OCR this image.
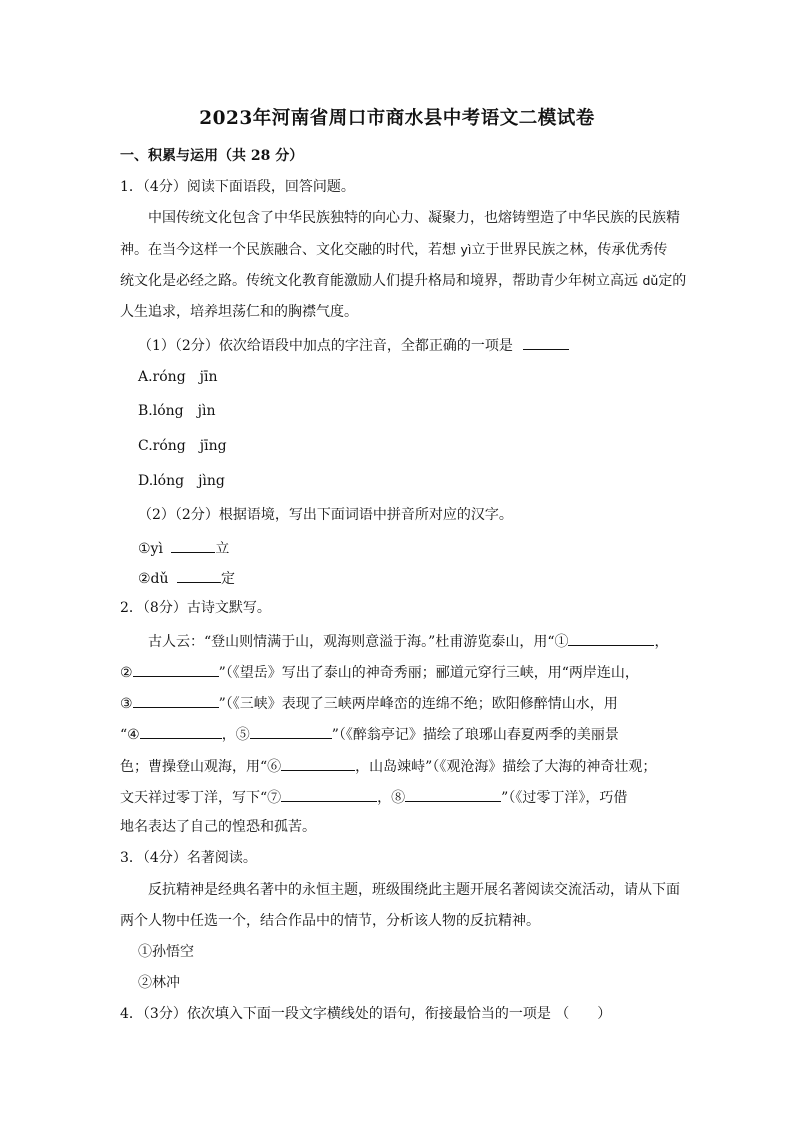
2023年河南省周口市商水县中考语文二模试卷
一、积累与运用（共 28 分）
1．（4分）阅读下面语段，回答问题。
中国传统文化包含了中华民族独特的向心力、凝聚力，也熔铸塑造了中华民族的民族精
神。在当今这样一个民族融合、文化交融的时代，若想 yì立于世界民族之林，传承优秀传
统文化是必经之路。传统文化教育能激励人们提升格局和境界，帮助青少年树立高远 dǔ定的
人生追求，培养坦荡仁和的胸襟气度。
（1）（2分）依次给语段中加点的字注音，全都正确的一项是
A.róng jīn
B.lóng jìn
C.róng jīng
D.lóng jìng
（2）（2分）根据语境，写出下面词语中拼音所对应的汉字。
①yì	立
②dǔ	定
2．（8分）古诗文默写。
古人云：“登山则情满于山，观海则意溢于海。”杜甫游览泰山，用“①	，
②	”（《望岳》写出了泰山的神奇秀丽；郦道元穿行三峡，用“两岸连山，
③	”（《三峡》表现了三峡两岸峰峦的连绵不绝；欧阳修醉情山水，用
“④	，⑤	”（《醉翁亭记》描绘了琅琊山春夏两季的美丽景
色；曹操登山观海，用“⑥	，山岛竦峙”（《观沧海》描绘了大海的神奇壮观；
文天祥过零丁洋，写下“⑦	，⑧	”（《过零丁洋》，巧借
地名表达了自己的惶恐和孤苦。
3．（4分）名著阅读。
反抗精神是经典名著中的永恒主题，班级围绕此主题开展名著阅读交流活动，请从下面
两个人物中任选一个，结合作品中的情节，分析该人物的反抗精神。
①孙悟空
②林冲
4．（3分）依次填入下面一段文字横线处的语句，衔接最恰当的一项是 （　　）
